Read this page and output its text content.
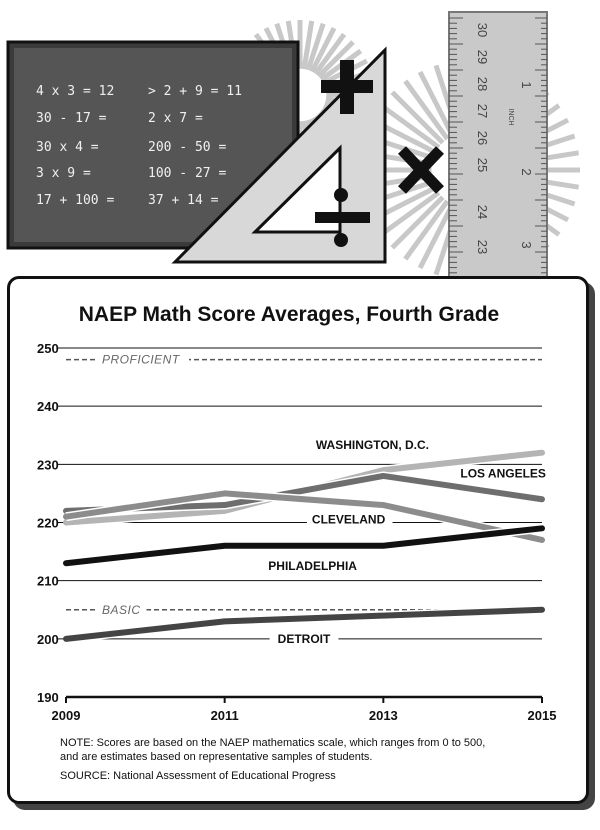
4 x 3 = 12	> 2 + 9 = 11
30 - 17 =	2 x 7 =
30 x 4 =	200 - 50 =
3 x 9 =	100 - 27 =
17 + 100 =	37 + 14 =
30
29
28
27
26
25
24
23
1
2
3
INCH
NAEP Math Score Averages, Fourth Grade
PROFICIENT
BASIC
WASHINGTON, D.C.
LOS ANGELES
CLEVELAND
PHILADELPHIA
DETROIT
190
200
210
220
230
240
250
2009	2011	2013	2015
NOTE: Scores are based on the NAEP mathematics scale, which ranges from 0 to 500,
and are estimates based on representative samples of students.
SOURCE: National Assessment of Educational Progress
